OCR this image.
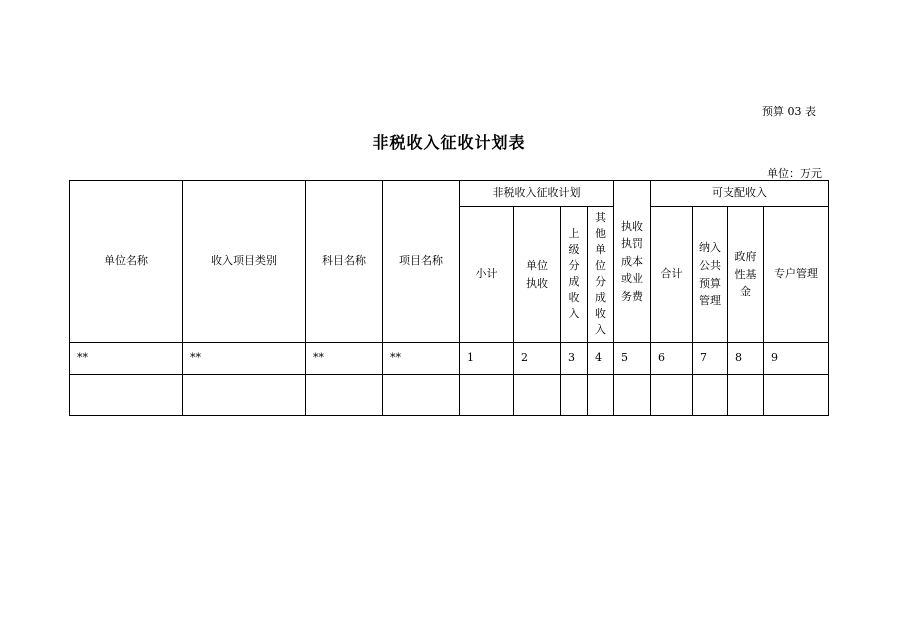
预算 03 表
非税收入征收计划表
单位：万元
单位名称	收入项目类别	科目名称	项目名称	非税收入征收计划				执收执罚成本或业务费	可支配收入			
				小计	单位执收	上级分成收入	其他单位分成收入		合计	纳入公共预算管理	政府性基金	专户管理
**	**	**	**	1	2	3	4	5	6	7	8	9
